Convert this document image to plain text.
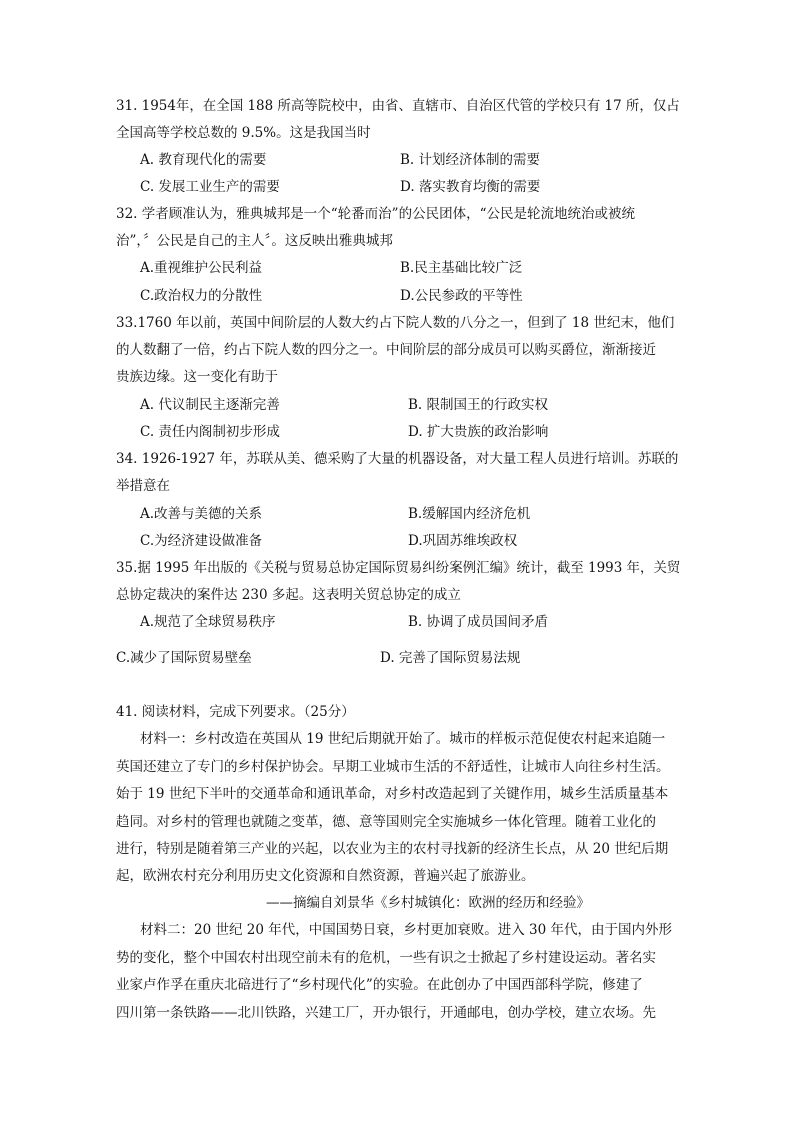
31. 1954年，在全国 188 所高等院校中，由省、直辖市、自治区代管的学校只有 17 所，仅占
全国高等学校总数的 9.5%。这是我国当时
A. 教育现代化的需要	B. 计划经济体制的需要
C. 发展工业生产的需要	D. 落实教育均衡的需要
32. 学者顾准认为，雅典城邦是一个“轮番而治”的公民团体，“公民是轮流地统治或被统
治”，〞公民是自己的主人〞。这反映出雅典城邦
A.重视维护公民利益	B.民主基础比较广泛
C.政治权力的分散性	D.公民参政的平等性
33.1760 年以前，英国中间阶层的人数大约占下院人数的八分之一，但到了 18 世纪末，他们
的人数翻了一倍，约占下院人数的四分之一。中间阶层的部分成员可以购买爵位，渐渐接近
贵族边缘。这一变化有助于
A. 代议制民主逐渐完善	B. 限制国王的行政实权
C. 责任内阁制初步形成	D. 扩大贵族的政治影响
34. 1926-1927 年，苏联从美、德采购了大量的机器设备，对大量工程人员进行培训。苏联的
举措意在
A.改善与美德的关系	B.缓解国内经济危机
C.为经济建设做准备	D.巩固苏维埃政权
35.据 1995 年出版的《关税与贸易总协定国际贸易纠纷案例汇编》统计，截至 1993 年，关贸
总协定裁决的案件达 230 多起。这表明关贸总协定的成立
A.规范了全球贸易秩序	B. 协调了成员国间矛盾
C.减少了国际贸易壁垒	D. 完善了国际贸易法规
41. 阅读材料，完成下列要求。（25分）
材料一：乡村改造在英国从 19 世纪后期就开始了。城市的样板示范促使农村起来追随一
英国还建立了专门的乡村保护协会。早期工业城市生活的不舒适性，让城市人向往乡村生活。
始于 19 世纪下半叶的交通革命和通讯革命，对乡村改造起到了关键作用，城乡生活质量基本
趋同。对乡村的管理也就随之变革，德、意等国则完全实施城乡一体化管理。随着工业化的
进行，特别是随着第三产业的兴起，以农业为主的农村寻找新的经济生长点，从 20 世纪后期
起，欧洲农村充分利用历史文化资源和自然资源，普遍兴起了旅游业。
——摘编自刘景华《乡村城镇化：欧洲的经历和经验》
材料二：20 世纪 20 年代，中国国势日衰，乡村更加衰败。进入 30 年代，由于国内外形
势的变化，整个中国农村出现空前未有的危机，一些有识之士掀起了乡村建设运动。著名实
业家卢作孚在重庆北碚进行了“乡村现代化”的实验。在此创办了中国西部科学院，修建了
四川第一条铁路——北川铁路，兴建工厂，开办银行，开通邮电，创办学校，建立农场。先
